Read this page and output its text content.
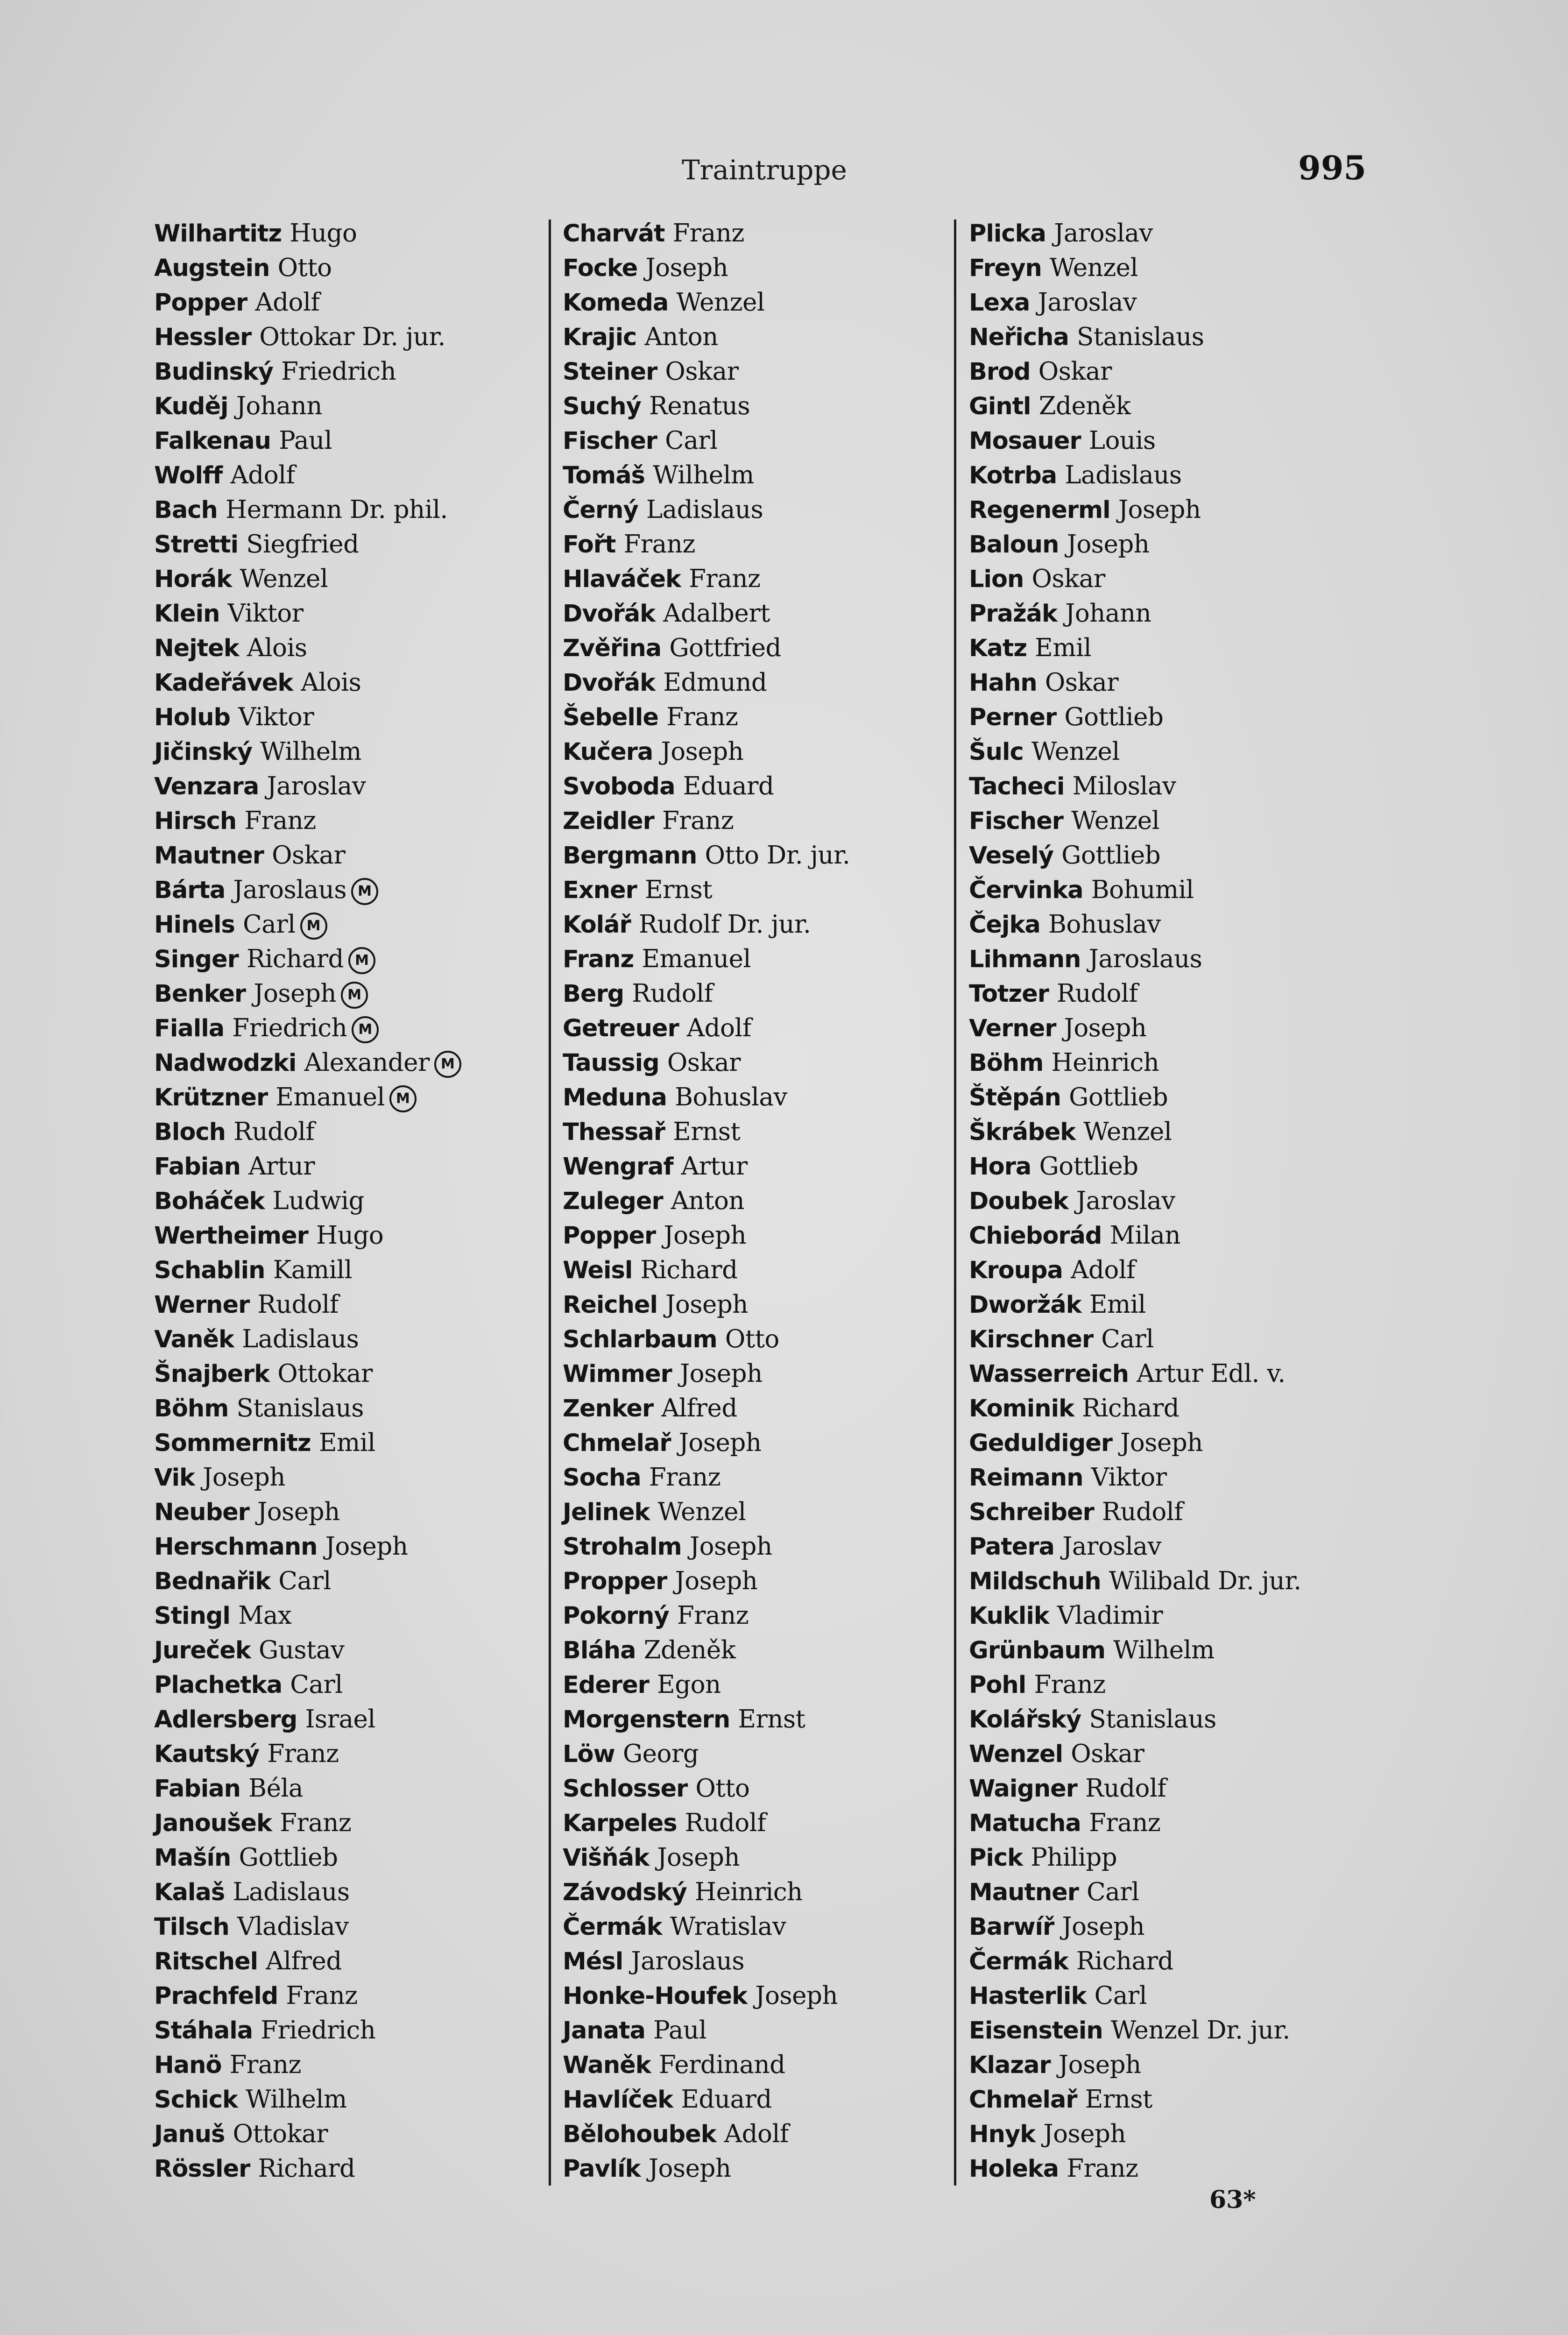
Traintruppe	995
Wilhartitz Hugo
Augstein Otto
Popper Adolf
Hessler Ottokar Dr. jur.
Budinský Friedrich
Kuděj Johann
Falkenau Paul
Wolff Adolf
Bach Hermann Dr. phil.
Stretti Siegfried
Horák Wenzel
Klein Viktor
Nejtek Alois
Kadeřávek Alois
Holub Viktor
Jičinský Wilhelm
Venzara Jaroslav
Hirsch Franz
Mautner Oskar
Bárta Jaroslaus M
Hinels Carl M
Singer Richard M
Benker Joseph M
Fialla Friedrich M
Nadwodzki Alexander M
Krützner Emanuel M
Bloch Rudolf
Fabian Artur
Boháček Ludwig
Wertheimer Hugo
Schablin Kamill
Werner Rudolf
Vaněk Ladislaus
Šnajberk Ottokar
Böhm Stanislaus
Sommernitz Emil
Vik Joseph
Neuber Joseph
Herschmann Joseph
Bednařik Carl
Stingl Max
Jureček Gustav
Plachetka Carl
Adlersberg Israel
Kautský Franz
Fabian Béla
Janoušek Franz
Mašín Gottlieb
Kalaš Ladislaus
Tilsch Vladislav
Ritschel Alfred
Prachfeld Franz
Stáhala Friedrich
Hanö Franz
Schick Wilhelm
Januš Ottokar
Rössler Richard
Charvát Franz
Focke Joseph
Komeda Wenzel
Krajic Anton
Steiner Oskar
Suchý Renatus
Fischer Carl
Tomáš Wilhelm
Černý Ladislaus
Fořt Franz
Hlaváček Franz
Dvořák Adalbert
Zvěřina Gottfried
Dvořák Edmund
Šebelle Franz
Kučera Joseph
Svoboda Eduard
Zeidler Franz
Bergmann Otto Dr. jur.
Exner Ernst
Kolář Rudolf Dr. jur.
Franz Emanuel
Berg Rudolf
Getreuer Adolf
Taussig Oskar
Meduna Bohuslav
Thessař Ernst
Wengraf Artur
Zuleger Anton
Popper Joseph
Weisl Richard
Reichel Joseph
Schlarbaum Otto
Wimmer Joseph
Zenker Alfred
Chmelař Joseph
Socha Franz
Jelinek Wenzel
Strohalm Joseph
Propper Joseph
Pokorný Franz
Bláha Zdeněk
Ederer Egon
Morgenstern Ernst
Löw Georg
Schlosser Otto
Karpeles Rudolf
Višňák Joseph
Závodský Heinrich
Čermák Wratislav
Mésl Jaroslaus
Honke-Houfek Joseph
Janata Paul
Waněk Ferdinand
Havlíček Eduard
Bělohoubek Adolf
Pavlík Joseph
Plicka Jaroslav
Freyn Wenzel
Lexa Jaroslav
Neřicha Stanislaus
Brod Oskar
Gintl Zdeněk
Mosauer Louis
Kotrba Ladislaus
Regenerml Joseph
Baloun Joseph
Lion Oskar
Pražák Johann
Katz Emil
Hahn Oskar
Perner Gottlieb
Šulc Wenzel
Tacheci Miloslav
Fischer Wenzel
Veselý Gottlieb
Červinka Bohumil
Čejka Bohuslav
Lihmann Jaroslaus
Totzer Rudolf
Verner Joseph
Böhm Heinrich
Štěpán Gottlieb
Škrábek Wenzel
Hora Gottlieb
Doubek Jaroslav
Chieborád Milan
Kroupa Adolf
Dworžák Emil
Kirschner Carl
Wasserreich Artur Edl. v.
Kominik Richard
Geduldiger Joseph
Reimann Viktor
Schreiber Rudolf
Patera Jaroslav
Mildschuh Wilibald Dr. jur.
Kuklik Vladimir
Grünbaum Wilhelm
Pohl Franz
Kolářský Stanislaus
Wenzel Oskar
Waigner Rudolf
Matucha Franz
Pick Philipp
Mautner Carl
Barwíř Joseph
Čermák Richard
Hasterlik Carl
Eisenstein Wenzel Dr. jur.
Klazar Joseph
Chmelař Ernst
Hnyk Joseph
Holeka Franz
63*
